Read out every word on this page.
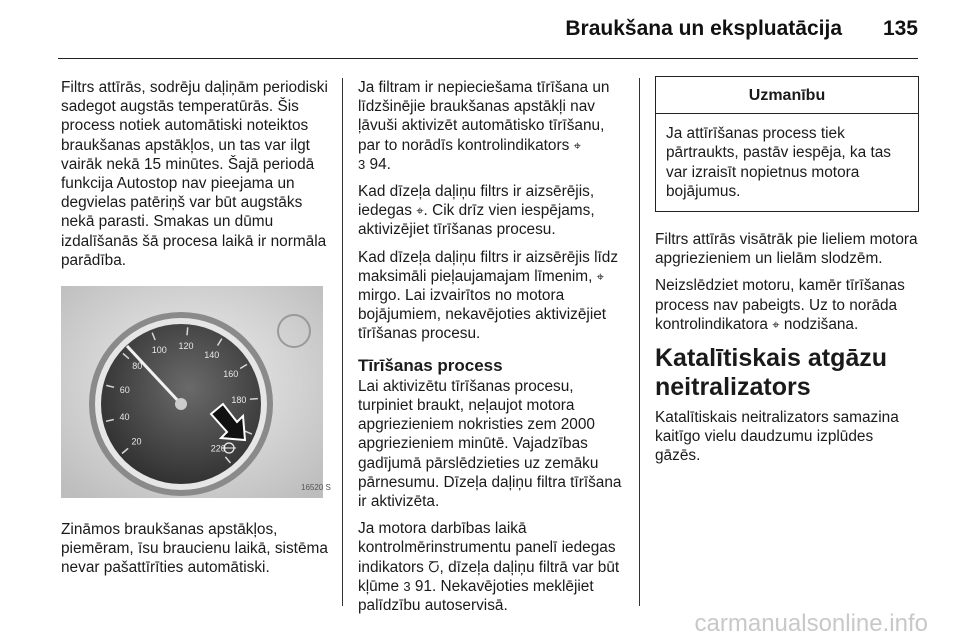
Braukšana un ekspluatācija 135

Filtrs attīrās, sodrēju daļiņām periodiski sadegot augstās temperatūrās. Šis process notiek automātiski noteiktos braukšanas apstākļos, un tas var ilgt vairāk nekā 15 minūtes. Šajā periodā funkcija Autostop nav pieejama un degvielas patēriņš var būt augstāks nekā parasti. Smakas un dūmu izdalīšanās šā procesa laikā ir normāla parādība.

20
40
60
80
100 120
140
160
180
220
16520 S

Zināmos braukšanas apstākļos, piemēram, īsu braucienu laikā, sistēma nevar pašattīrīties automātiski.

Ja filtram ir nepieciešama tīrīšana un līdzšinējie braukšanas apstākļi nav ļāvuši aktivizēt automātisko tīrīšanu, par to norādīs kontrolindikators ⌖
3 94.

Kad dīzeļa daļiņu filtrs ir aizsērējis, iedegas ⌖. Cik drīz vien iespējams, aktivizējiet tīrīšanas procesu.

Kad dīzeļa daļiņu filtrs ir aizsērējis līdz maksimāli pieļaujamajam līmenim, ⌖ mirgo. Lai izvairītos no motora bojājumiem, nekavējoties aktivizējiet tīrīšanas procesu.

Tīrīšanas process

Lai aktivizētu tīrīšanas procesu, turpiniet braukt, neļaujot motora apgriezieniem nokristies zem 2000 apgriezieniem minūtē. Vajadzības gadījumā pārslēdzieties uz zemāku pārnesumu. Dīzeļa daļiņu filtra tīrīšana ir aktivizēta.

Ja motora darbības laikā kontrolmērinstrumentu panelī iedegas indikators Ⴀ, dīzeļa daļiņu filtrā var būt kļūme 3 91. Nekavējoties meklējiet palīdzību autoservisā.

Uzmanību
Ja attīrīšanas process tiek pārtraukts, pastāv iespēja, ka tas var izraisīt nopietnus motora bojājumus.

Filtrs attīrās visātrāk pie lieliem motora apgriezieniem un lielām slodzēm.

Neizslēdziet motoru, kamēr tīrīšanas process nav pabeigts. Uz to norāda kontrolindikatora ⌖ nodzišana.

Katalītiskais atgāzu neitralizators

Katalītiskais neitralizators samazina kaitīgo vielu daudzumu izplūdes gāzēs.

carmanualsonline.info
